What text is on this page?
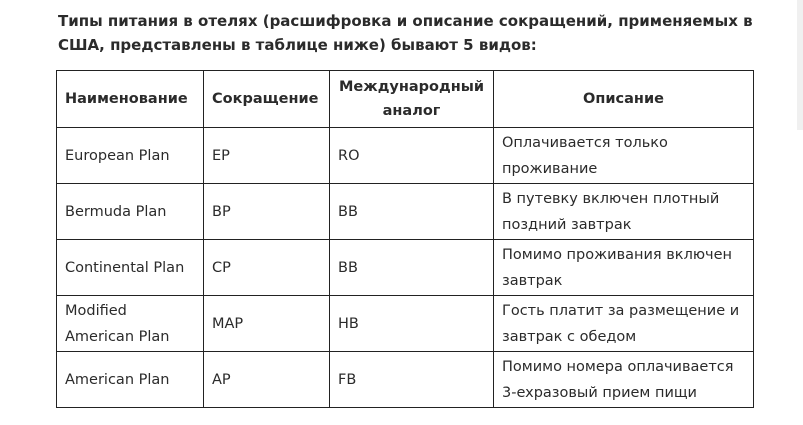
Типы питания в отелях (расшифровка и описание сокращений, применяемых в США, представлены в таблице ниже) бывают 5 видов:

Наименование	Сокращение	Международный аналог	Описание
European Plan	EP	RO	Оплачивается только проживание
Bermuda Plan	BP	BB	В путевку включен плотный поздний завтрак
Continental Plan	CP	BB	Помимо проживания включен завтрак
Modified American Plan	MAP	HB	Гость платит за размещение и завтрак с обедом
American Plan	AP	FB	Помимо номера оплачивается 3-exразовый прием пищи
